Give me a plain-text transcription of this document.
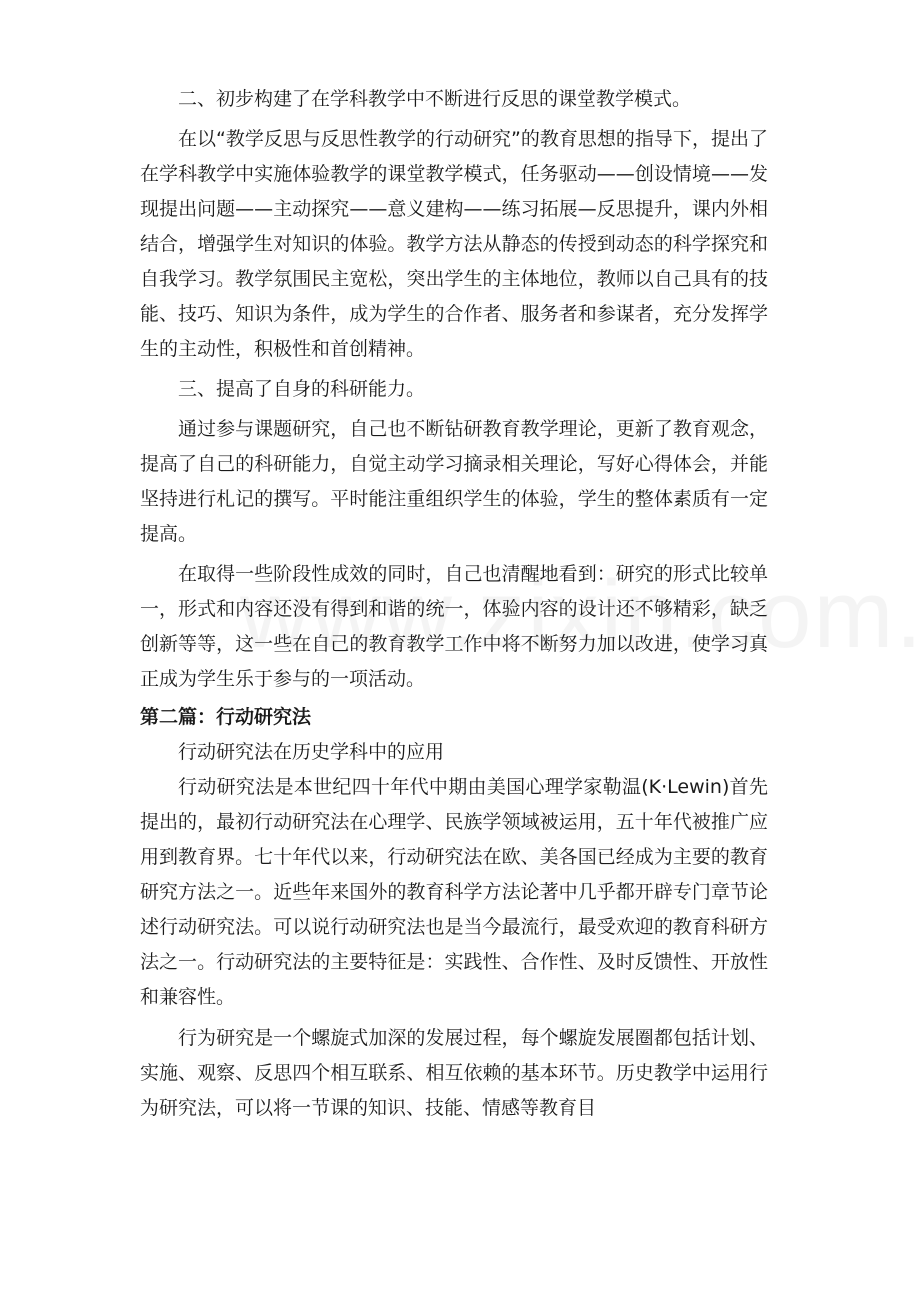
二、初步构建了在学科教学中不断进行反思的课堂教学模式。

在以“教学反思与反思性教学的行动研究”的教育思想的指导下，提出了在学科教学中实施体验教学的课堂教学模式，任务驱动——创设情境——发现提出问题——主动探究——意义建构——练习拓展—反思提升，课内外相结合，增强学生对知识的体验。教学方法从静态的传授到动态的科学探究和自我学习。教学氛围民主宽松，突出学生的主体地位，教师以自己具有的技能、技巧、知识为条件，成为学生的合作者、服务者和参谋者，充分发挥学生的主动性，积极性和首创精神。

三、提高了自身的科研能力。

通过参与课题研究，自己也不断钻研教育教学理论，更新了教育观念，提高了自己的科研能力，自觉主动学习摘录相关理论，写好心得体会，并能坚持进行札记的撰写。平时能注重组织学生的体验，学生的整体素质有一定提高。

在取得一些阶段性成效的同时，自己也清醒地看到：研究的形式比较单一，形式和内容还没有得到和谐的统一，体验内容的设计还不够精彩，缺乏创新等等，这一些在自己的教育教学工作中将不断努力加以改进，使学习真正成为学生乐于参与的一项活动。

第二篇：行动研究法

行动研究法在历史学科中的应用

行动研究法是本世纪四十年代中期由美国心理学家勒温(K·Lewin)首先提出的，最初行动研究法在心理学、民族学领域被运用，五十年代被推广应用到教育界。七十年代以来，行动研究法在欧、美各国已经成为主要的教育研究方法之一。近些年来国外的教育科学方法论著中几乎都开辟专门章节论述行动研究法。可以说行动研究法也是当今最流行，最受欢迎的教育科研方法之一。行动研究法的主要特征是：实践性、合作性、及时反馈性、开放性和兼容性。

行为研究是一个螺旋式加深的发展过程，每个螺旋发展圈都包括计划、实施、观察、反思四个相互联系、相互依赖的基本环节。历史教学中运用行为研究法，可以将一节课的知识、技能、情感等教育目
